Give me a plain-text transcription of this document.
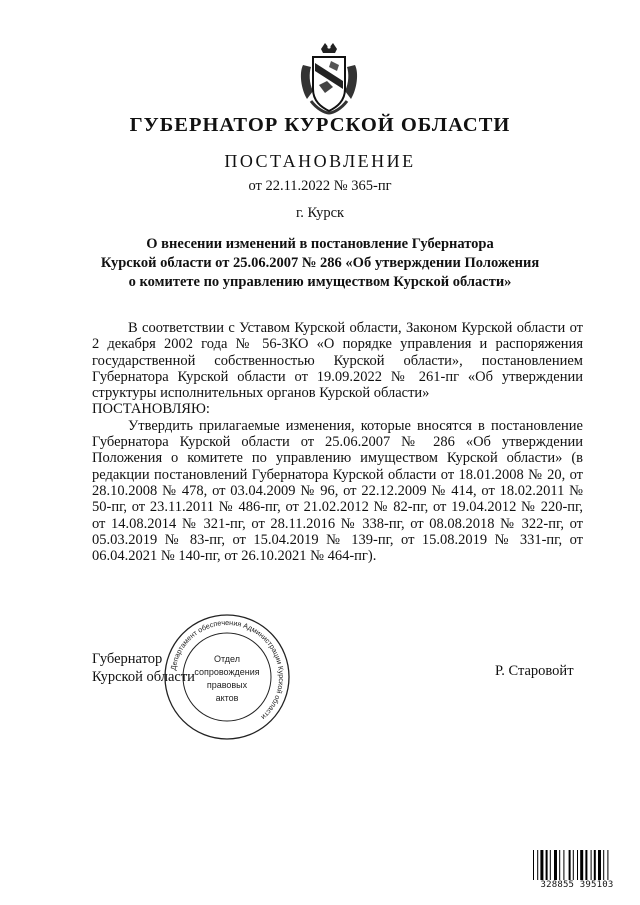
ГУБЕРНАТОР КУРСКОЙ ОБЛАСТИ
ПОСТАНОВЛЕНИЕ
от 22.11.2022 № 365-пг
г. Курск
О внесении изменений в постановление Губернатора
Курской области от 25.06.2007 № 286 «Об утверждении Положения
о комитете по управлению имуществом Курской области»

В соответствии с Уставом Курской области, Законом Курской области от 2 декабря 2002 года № 56-ЗКО «О порядке управления и распоряжения государственной собственностью Курской области», постановлением Губернатора Курской области от 19.09.2022 № 261-пг «Об утверждении структуры исполнительных органов Курской области»

ПОСТАНОВЛЯЮ:

Утвердить прилагаемые изменения, которые вносятся в постановление Губернатора Курской области от 25.06.2007 № 286 «Об утверждении Положения о комитете по управлению имуществом Курской области» (в редакции постановлений Губернатора Курской области от 18.01.2008 № 20, от 28.10.2008 № 478, от 03.04.2009 № 96, от 22.12.2009 № 414, от 18.02.2011 № 50-пг, от 23.11.2011 № 486-пг, от 21.02.2012 № 82-пг, от 19.04.2012 № 220-пг, от 14.08.2014 № 321-пг, от 28.11.2016 № 338-пг, от 08.08.2018 № 322-пг, от 05.03.2019 № 83-пг, от 15.04.2019 № 139-пг, от 15.08.2019 № 331-пг, от 06.04.2021 № 140-пг, от 26.10.2021 № 464-пг).

Губернатор
Курской области	Р. Старовойт
Департамент обеспечения Администрации Курской области
Отдел
сопровождения
правовых
актов
328855 395103
